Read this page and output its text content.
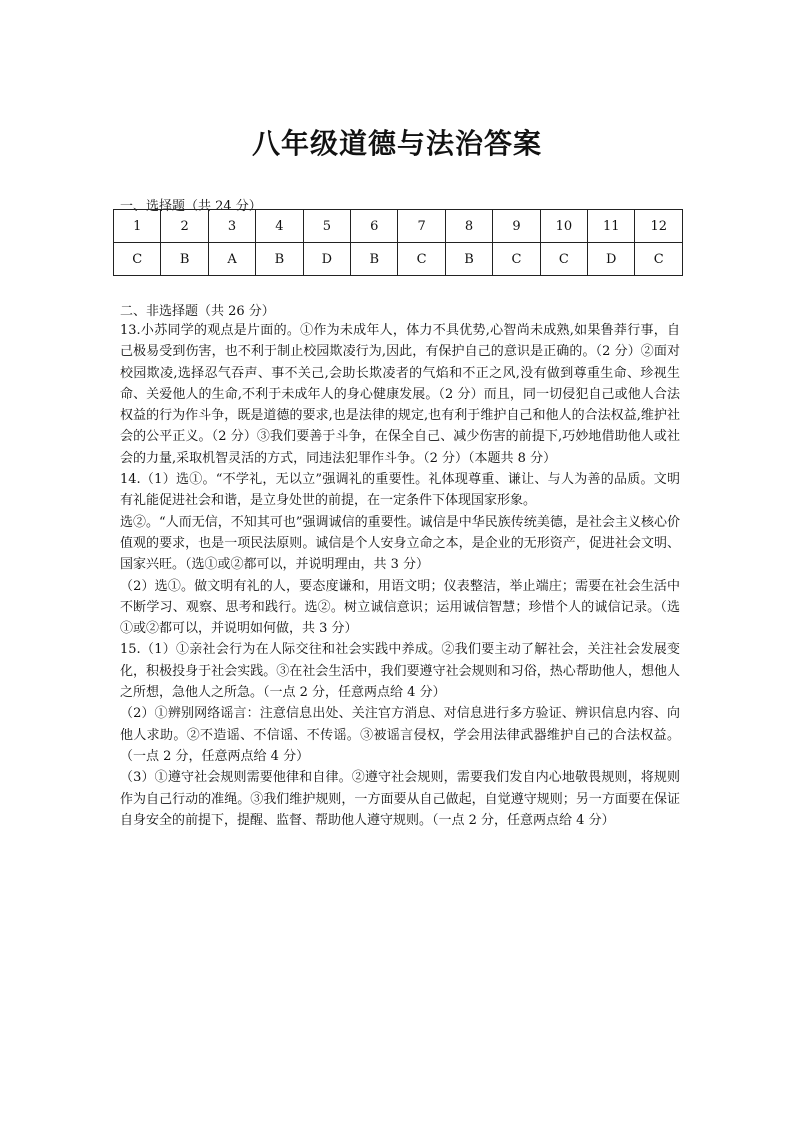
八年级道德与法治答案
一、选择题（共 24 分）
1	2	3	4	5	6	7	8	9	10	11	12
C	B	A	B	D	B	C	B	C	C	D	C
二、非选择题（共 26 分）

13.小苏同学的观点是片面的。①作为未成年人，体力不具优势,心智尚未成熟,如果鲁莽行事，自己极易受到伤害，也不利于制止校园欺凌行为,因此，有保护自己的意识是正确的。（2 分）②面对校园欺凌,选择忍气吞声、事不关己,会助长欺凌者的气焰和不正之风,没有做到尊重生命、珍视生命、关爱他人的生命,不利于未成年人的身心健康发展。（2 分）而且，同一切侵犯自己或他人合法权益的行为作斗争，既是道德的要求,也是法律的规定,也有利于维护自己和他人的合法权益,维护社会的公平正义。（2 分）③我们要善于斗争，在保全自己、减少伤害的前提下,巧妙地借助他人或社会的力量,采取机智灵活的方式，同违法犯罪作斗争。（2 分）（本题共 8 分）

14.（1）选①。“不学礼，无以立”强调礼的重要性。礼体现尊重、谦让、与人为善的品质。文明有礼能促进社会和谐，是立身处世的前提，在一定条件下体现国家形象。

选②。“人而无信，不知其可也”强调诚信的重要性。诚信是中华民族传统美德，是社会主义核心价值观的要求，也是一项民法原则。诚信是个人安身立命之本，是企业的无形资产，促进社会文明、国家兴旺。（选①或②都可以，并说明理由，共 3 分）

（2）选①。做文明有礼的人，要态度谦和，用语文明；仪表整洁，举止端庄；需要在社会生活中不断学习、观察、思考和践行。选②。树立诚信意识；运用诚信智慧；珍惜个人的诚信记录。（选①或②都可以，并说明如何做，共 3 分）

15.（1）①亲社会行为在人际交往和社会实践中养成。②我们要主动了解社会，关注社会发展变化，积极投身于社会实践。③在社会生活中，我们要遵守社会规则和习俗，热心帮助他人，想他人之所想，急他人之所急。（一点 2 分，任意两点给 4 分）

（2）①辨别网络谣言：注意信息出处、关注官方消息、对信息进行多方验证、辨识信息内容、向他人求助。②不造谣、不信谣、不传谣。③被谣言侵权，学会用法律武器维护自己的合法权益。（一点 2 分，任意两点给 4 分）

（3）①遵守社会规则需要他律和自律。②遵守社会规则，需要我们发自内心地敬畏规则，将规则作为自己行动的准绳。③我们维护规则，一方面要从自己做起，自觉遵守规则；另一方面要在保证自身安全的前提下，提醒、监督、帮助他人遵守规则。（一点 2 分，任意两点给 4 分）
